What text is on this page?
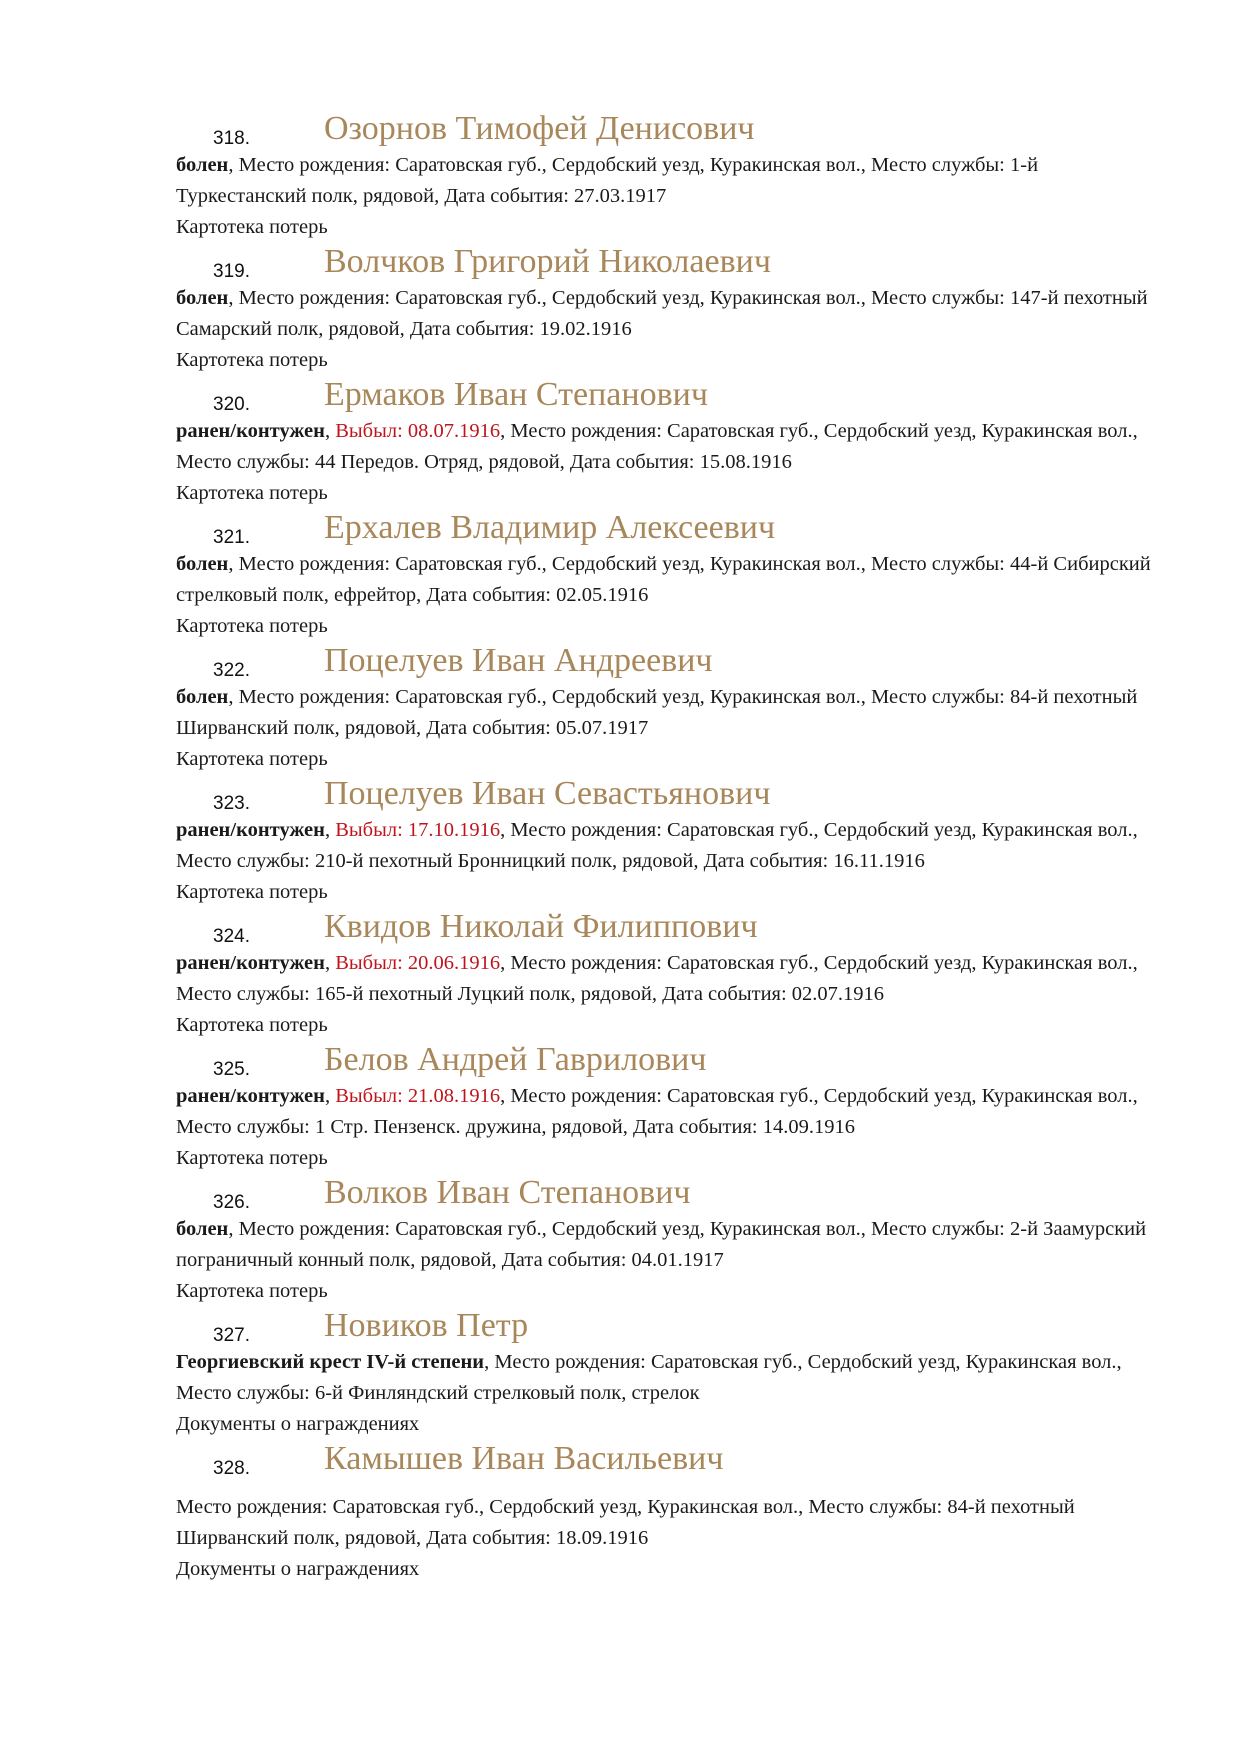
318. Озорнов Тимофей Денисович
болен, Место рождения: Саратовская губ., Сердобский уезд, Куракинская вол., Место службы: 1-й Туркестанский полк, рядовой, Дата события: 27.03.1917
Картотека потерь
319. Волчков Григорий Николаевич
болен, Место рождения: Саратовская губ., Сердобский уезд, Куракинская вол., Место службы: 147-й пехотный Самарский полк, рядовой, Дата события: 19.02.1916
Картотека потерь
320. Ермаков Иван Степанович
ранен/контужен, Выбыл: 08.07.1916, Место рождения: Саратовская губ., Сердобский уезд, Куракинская вол., Место службы: 44 Передов. Отряд, рядовой, Дата события: 15.08.1916
Картотека потерь
321. Ерхалев Владимир Алексеевич
болен, Место рождения: Саратовская губ., Сердобский уезд, Куракинская вол., Место службы: 44-й Сибирский стрелковый полк, ефрейтор, Дата события: 02.05.1916
Картотека потерь
322. Поцелуев Иван Андреевич
болен, Место рождения: Саратовская губ., Сердобский уезд, Куракинская вол., Место службы: 84-й пехотный Ширванский полк, рядовой, Дата события: 05.07.1917
Картотека потерь
323. Поцелуев Иван Севастьянович
ранен/контужен, Выбыл: 17.10.1916, Место рождения: Саратовская губ., Сердобский уезд, Куракинская вол., Место службы: 210-й пехотный Бронницкий полк, рядовой, Дата события: 16.11.1916
Картотека потерь
324. Квидов Николай Филиппович
ранен/контужен, Выбыл: 20.06.1916, Место рождения: Саратовская губ., Сердобский уезд, Куракинская вол., Место службы: 165-й пехотный Луцкий полк, рядовой, Дата события: 02.07.1916
Картотека потерь
325. Белов Андрей Гаврилович
ранен/контужен, Выбыл: 21.08.1916, Место рождения: Саратовская губ., Сердобский уезд, Куракинская вол., Место службы: 1 Стр. Пензенск. дружина, рядовой, Дата события: 14.09.1916
Картотека потерь
326. Волков Иван Степанович
болен, Место рождения: Саратовская губ., Сердобский уезд, Куракинская вол., Место службы: 2-й Заамурский пограничный конный полк, рядовой, Дата события: 04.01.1917
Картотека потерь
327. Новиков Петр
Георгиевский крест IV-й степени, Место рождения: Саратовская губ., Сердобский уезд, Куракинская вол., Место службы: 6-й Финляндский стрелковый полк, стрелок
Документы о награждениях
328. Камышев Иван Васильевич
Место рождения: Саратовская губ., Сердобский уезд, Куракинская вол., Место службы: 84-й пехотный Ширванский полк, рядовой, Дата события: 18.09.1916
Документы о награждениях
